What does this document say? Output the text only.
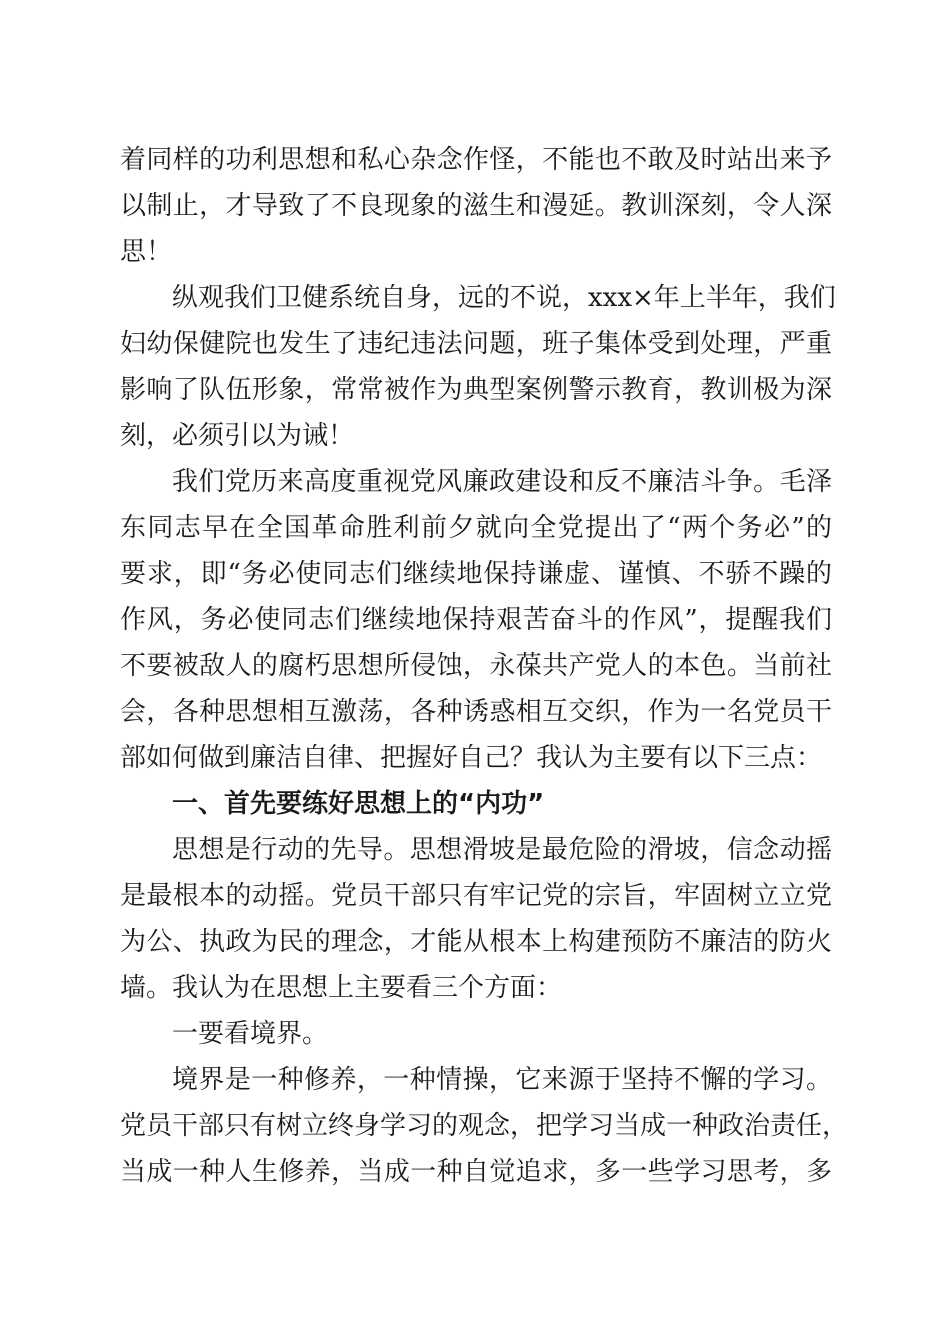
着同样的功利思想和私心杂念作怪，不能也不敢及时站出来予
以制止，才导致了不良现象的滋生和漫延。教训深刻，令人深
思！
纵观我们卫健系统自身，远的不说，xxx×年上半年，我们
妇幼保健院也发生了违纪违法问题，班子集体受到处理，严重
影响了队伍形象，常常被作为典型案例警示教育，教训极为深
刻，必须引以为诫！
我们党历来高度重视党风廉政建设和反不廉洁斗争。毛泽
东同志早在全国革命胜利前夕就向全党提出了“两个务必”的
要求，即“务必使同志们继续地保持谦虚、谨慎、不骄不躁的
作风，务必使同志们继续地保持艰苦奋斗的作风”，提醒我们
不要被敌人的腐朽思想所侵蚀，永葆共产党人的本色。当前社
会，各种思想相互激荡，各种诱惑相互交织，作为一名党员干
部如何做到廉洁自律、把握好自己？我认为主要有以下三点：
一、首先要练好思想上的“内功”
思想是行动的先导。思想滑坡是最危险的滑坡，信念动摇
是最根本的动摇。党员干部只有牢记党的宗旨，牢固树立立党
为公、执政为民的理念，才能从根本上构建预防不廉洁的防火
墙。我认为在思想上主要看三个方面：
一要看境界。
境界是一种修养，一种情操，它来源于坚持不懈的学习。
党员干部只有树立终身学习的观念，把学习当成一种政治责任，
当成一种人生修养，当成一种自觉追求，多一些学习思考，多
